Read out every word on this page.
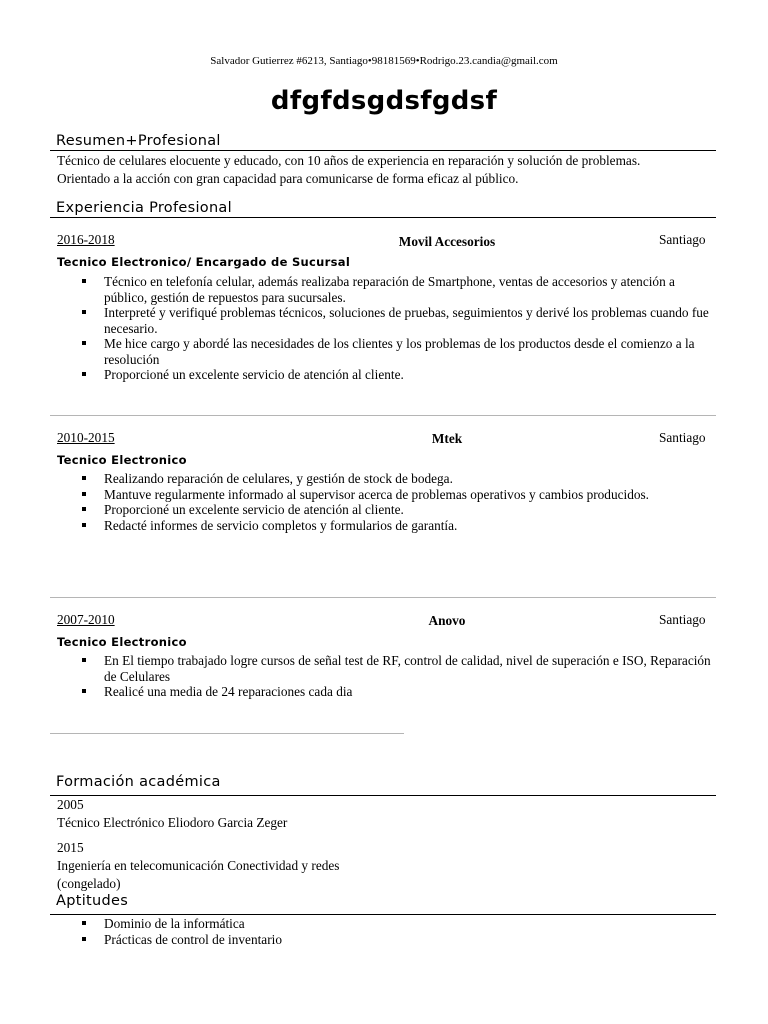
Salvador Gutierrez #6213, Santiago•98181569•Rodrigo.23.candia@gmail.com
dfgfdsgdsfgdsf
Resumen+Profesional
Técnico de celulares elocuente y educado, con 10 años de experiencia en reparación y solución de problemas.
Orientado a la acción con gran capacidad para comunicarse de forma eficaz al público.
Experiencia Profesional
2016-2018	Movil Accesorios	Santiago
Tecnico Electronico/ Encargado de Sucursal
Técnico en telefonía celular, además realizaba reparación de Smartphone, ventas de accesorios y atención a público, gestión de repuestos para sucursales.
Interpreté y verifiqué problemas técnicos, soluciones de pruebas, seguimientos y derivé los problemas cuando fue necesario.
Me hice cargo y abordé las necesidades de los clientes y los problemas de los productos desde el comienzo a la resolución
Proporcioné un excelente servicio de atención al cliente.
2010-2015	Mtek	Santiago
Tecnico Electronico
Realizando reparación de celulares, y gestión de stock de bodega.
Mantuve regularmente informado al supervisor acerca de problemas operativos y cambios producidos.
Proporcioné un excelente servicio de atención al cliente.
Redacté informes de servicio completos y formularios de garantía.
2007-2010	Anovo	Santiago
Tecnico Electronico
En El tiempo trabajado logre cursos de señal test de RF, control de calidad, nivel de superación e ISO, Reparación de Celulares
Realicé una media de 24 reparaciones cada dia
Formación académica
2005
Técnico Electrónico Eliodoro Garcia Zeger
2015
Ingeniería en telecomunicación Conectividad y redes
(congelado)
Aptitudes
Dominio de la informática
Prácticas de control de inventario
